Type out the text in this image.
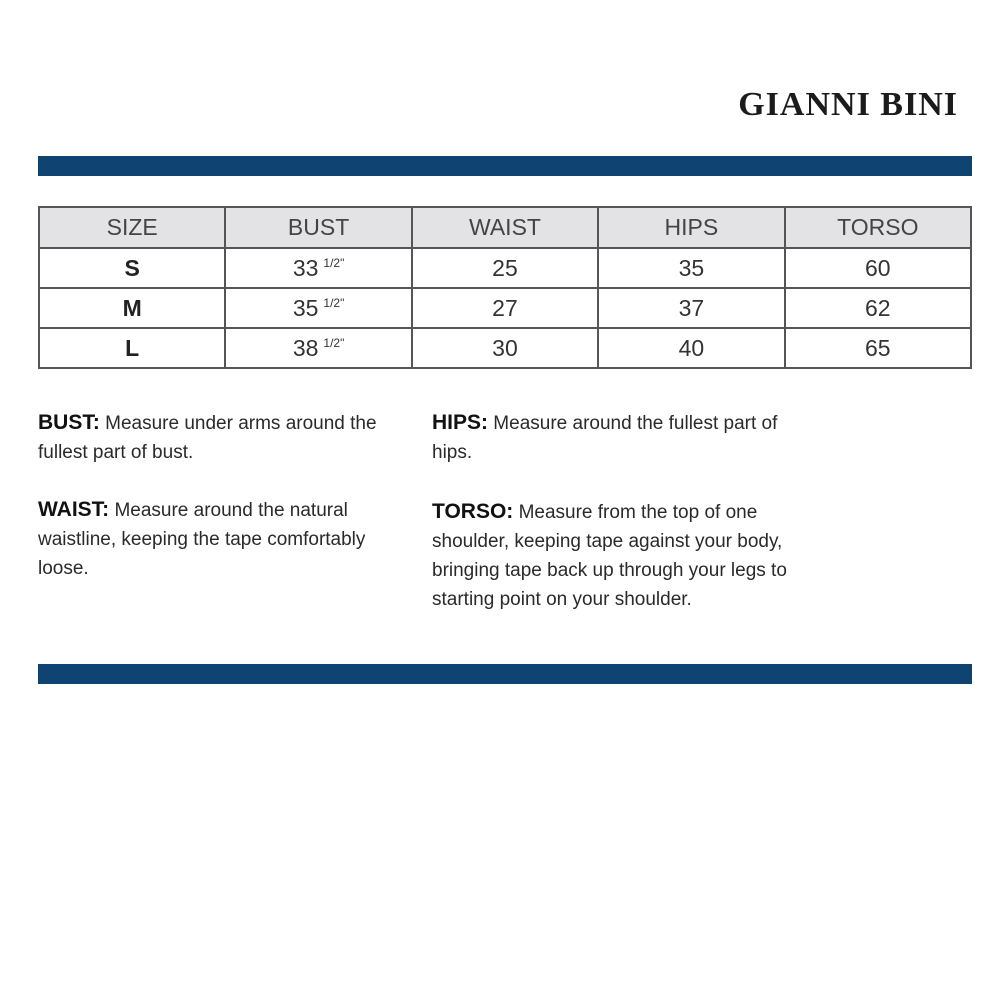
GIANNI BINI
SIZE	BUST	WAIST	HIPS	TORSO
S	33 $^{1/2"}$	25	35	60
M	35 $^{1/2"}$	27	37	62
L	38 $^{1/2"}$	30	40	65
BUST: Measure under arms around the fullest part of bust.
HIPS: Measure around the fullest part of hips.
WAIST: Measure around the natural waistline, keeping the tape comfortably loose.
TORSO: Measure from the top of one shoulder, keeping tape against your body, bringing tape back up through your legs to starting point on your shoulder.
